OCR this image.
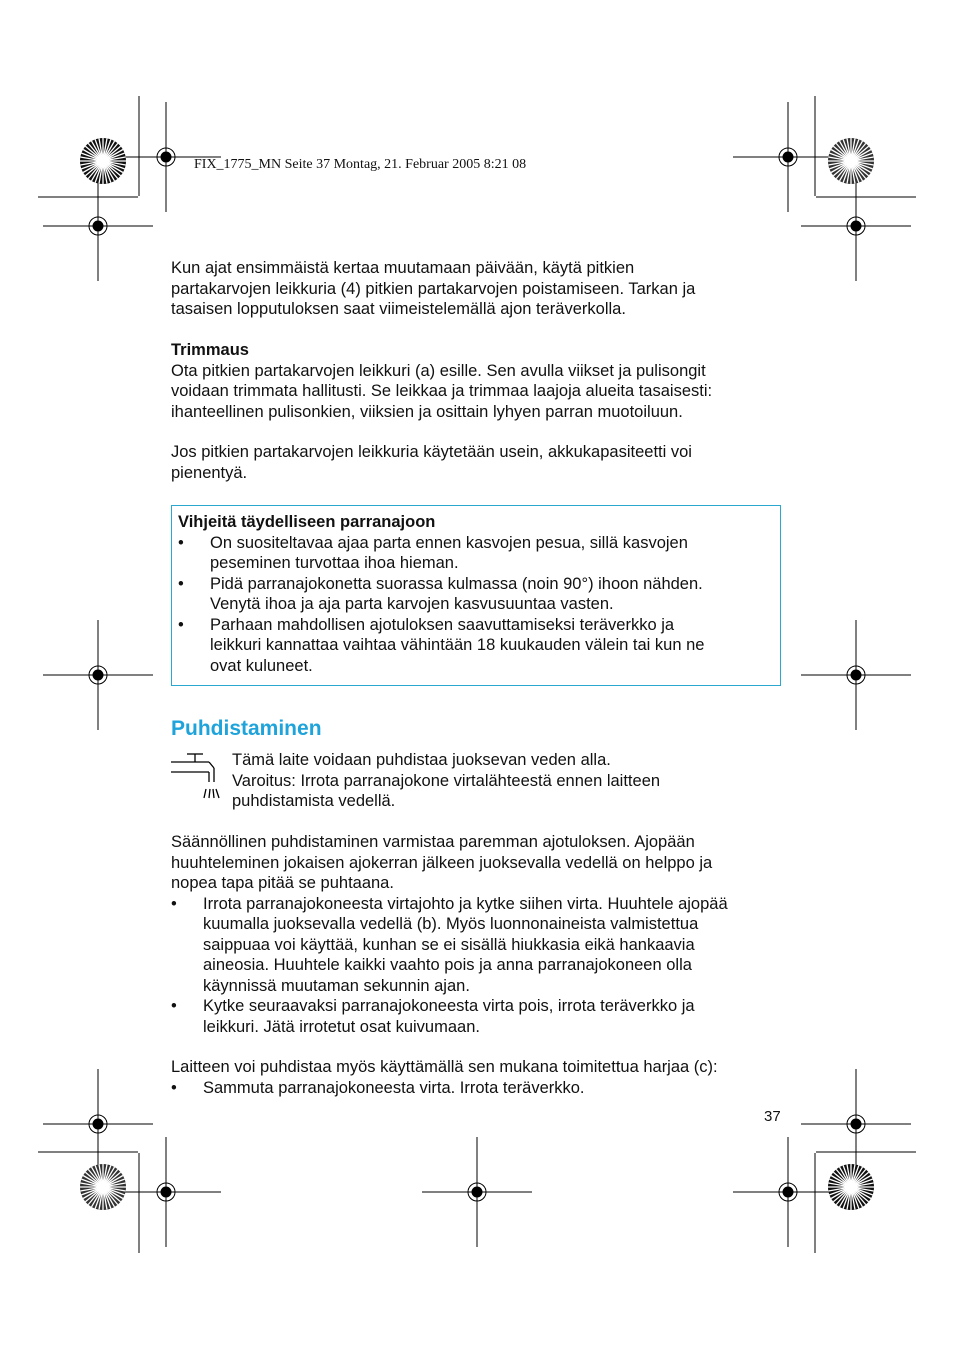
FIX_1775_MN Seite 37 Montag, 21. Februar 2005 8:21 08
Kun ajat ensimmäistä kertaa muutamaan päivään, käytä pitkien
partakarvojen leikkuria (4) pitkien partakarvojen poistamiseen. Tarkan ja
tasaisen lopputuloksen saat viimeistelemällä ajon teräverkolla.
Trimmaus
Ota pitkien partakarvojen leikkuri (a) esille. Sen avulla viikset ja pulisongit
voidaan trimmata hallitusti. Se leikkaa ja trimmaa laajoja alueita tasaisesti:
ihanteellinen pulisonkien, viiksien ja osittain lyhyen parran muotoiluun.
Jos pitkien partakarvojen leikkuria käytetään usein, akkukapasiteetti voi
pienentyä.
Vihjeitä täydelliseen parranajoon
• On suositeltavaa ajaa parta ennen kasvojen pesua, sillä kasvojen
peseminen turvottaa ihoa hieman.
• Pidä parranajokonetta suorassa kulmassa (noin 90°) ihoon nähden.
Venytä ihoa ja aja parta karvojen kasvusuuntaa vasten.
• Parhaan mahdollisen ajotuloksen saavuttamiseksi teräverkko ja
leikkuri kannattaa vaihtaa vähintään 18 kuukauden välein tai kun ne
ovat kuluneet.
Puhdistaminen
Tämä laite voidaan puhdistaa juoksevan veden alla.
Varoitus: Irrota parranajokone virtalähteestä ennen laitteen
puhdistamista vedellä.
Säännöllinen puhdistaminen varmistaa paremman ajotuloksen. Ajopään
huuhteleminen jokaisen ajokerran jälkeen juoksevalla vedellä on helppo ja
nopea tapa pitää se puhtaana.
• Irrota parranajokoneesta virtajohto ja kytke siihen virta. Huuhtele ajopää
kuumalla juoksevalla vedellä (b). Myös luonnonaineista valmistettua
saippuaa voi käyttää, kunhan se ei sisällä hiukkasia eikä hankaavia
aineosia. Huuhtele kaikki vaahto pois ja anna parranajokoneen olla
käynnissä muutaman sekunnin ajan.
• Kytke seuraavaksi parranajokoneesta virta pois, irrota teräverkko ja
leikkuri. Jätä irrotetut osat kuivumaan.
Laitteen voi puhdistaa myös käyttämällä sen mukana toimitettua harjaa (c):
• Sammuta parranajokoneesta virta. Irrota teräverkko.
37
